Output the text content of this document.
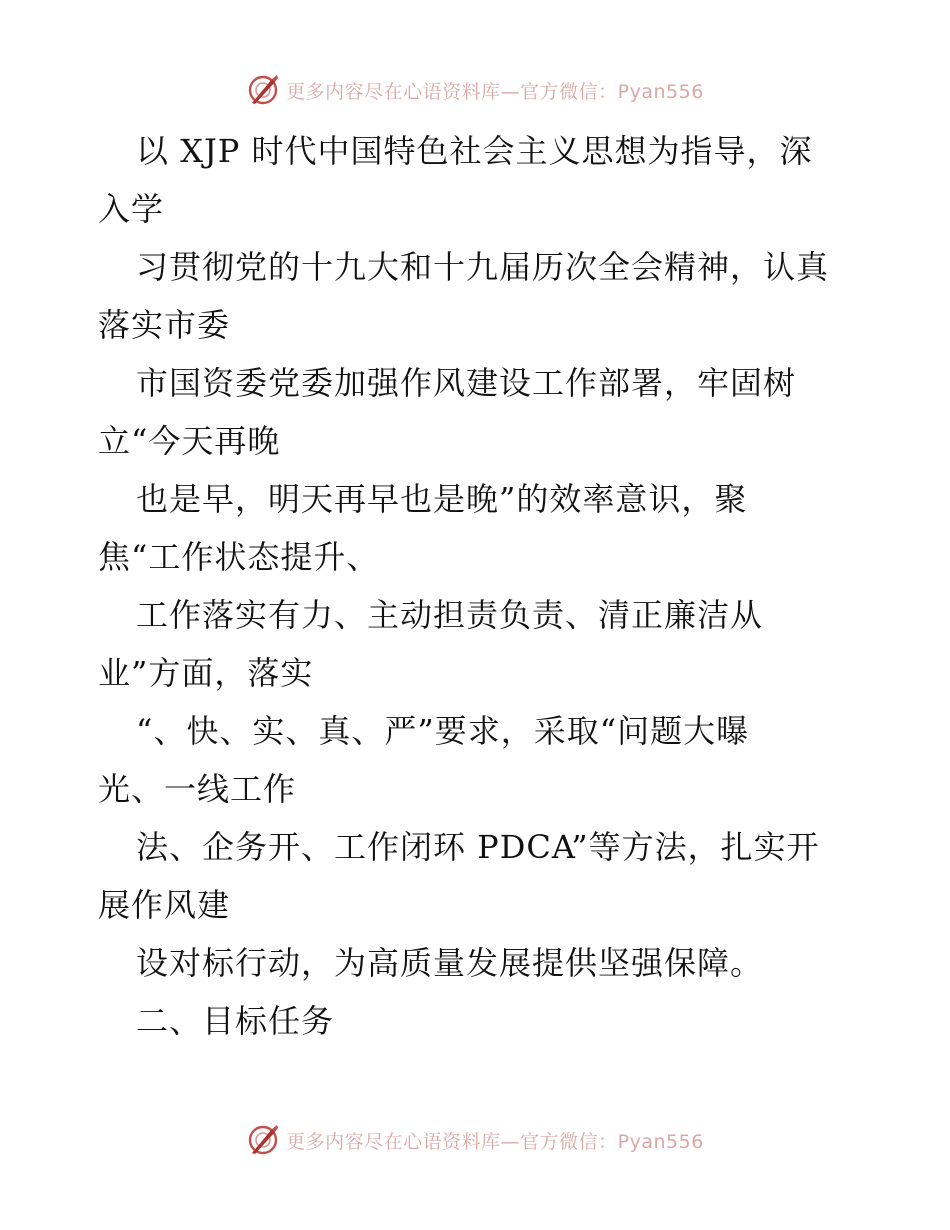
更多内容尽在心语资料库—官方微信：Pyan556
以 XJP 时代中国特色社会主义思想为指导，深
入学
习贯彻党的十九大和十九届历次全会精神，认真
落实市委
市国资委党委加强作风建设工作部署，牢固树
立“今天再晚
也是早，明天再早也是晚”的效率意识，聚
焦“工作状态提升、
工作落实有力、主动担责负责、清正廉洁从
业”方面，落实
“、快、实、真、严”要求，采取“问题大曝
光、一线工作
法、企务开、工作闭环 PDCA”等方法，扎实开
展作风建
设对标行动，为高质量发展提供坚强保障。
二、目标任务
更多内容尽在心语资料库—官方微信：Pyan556
